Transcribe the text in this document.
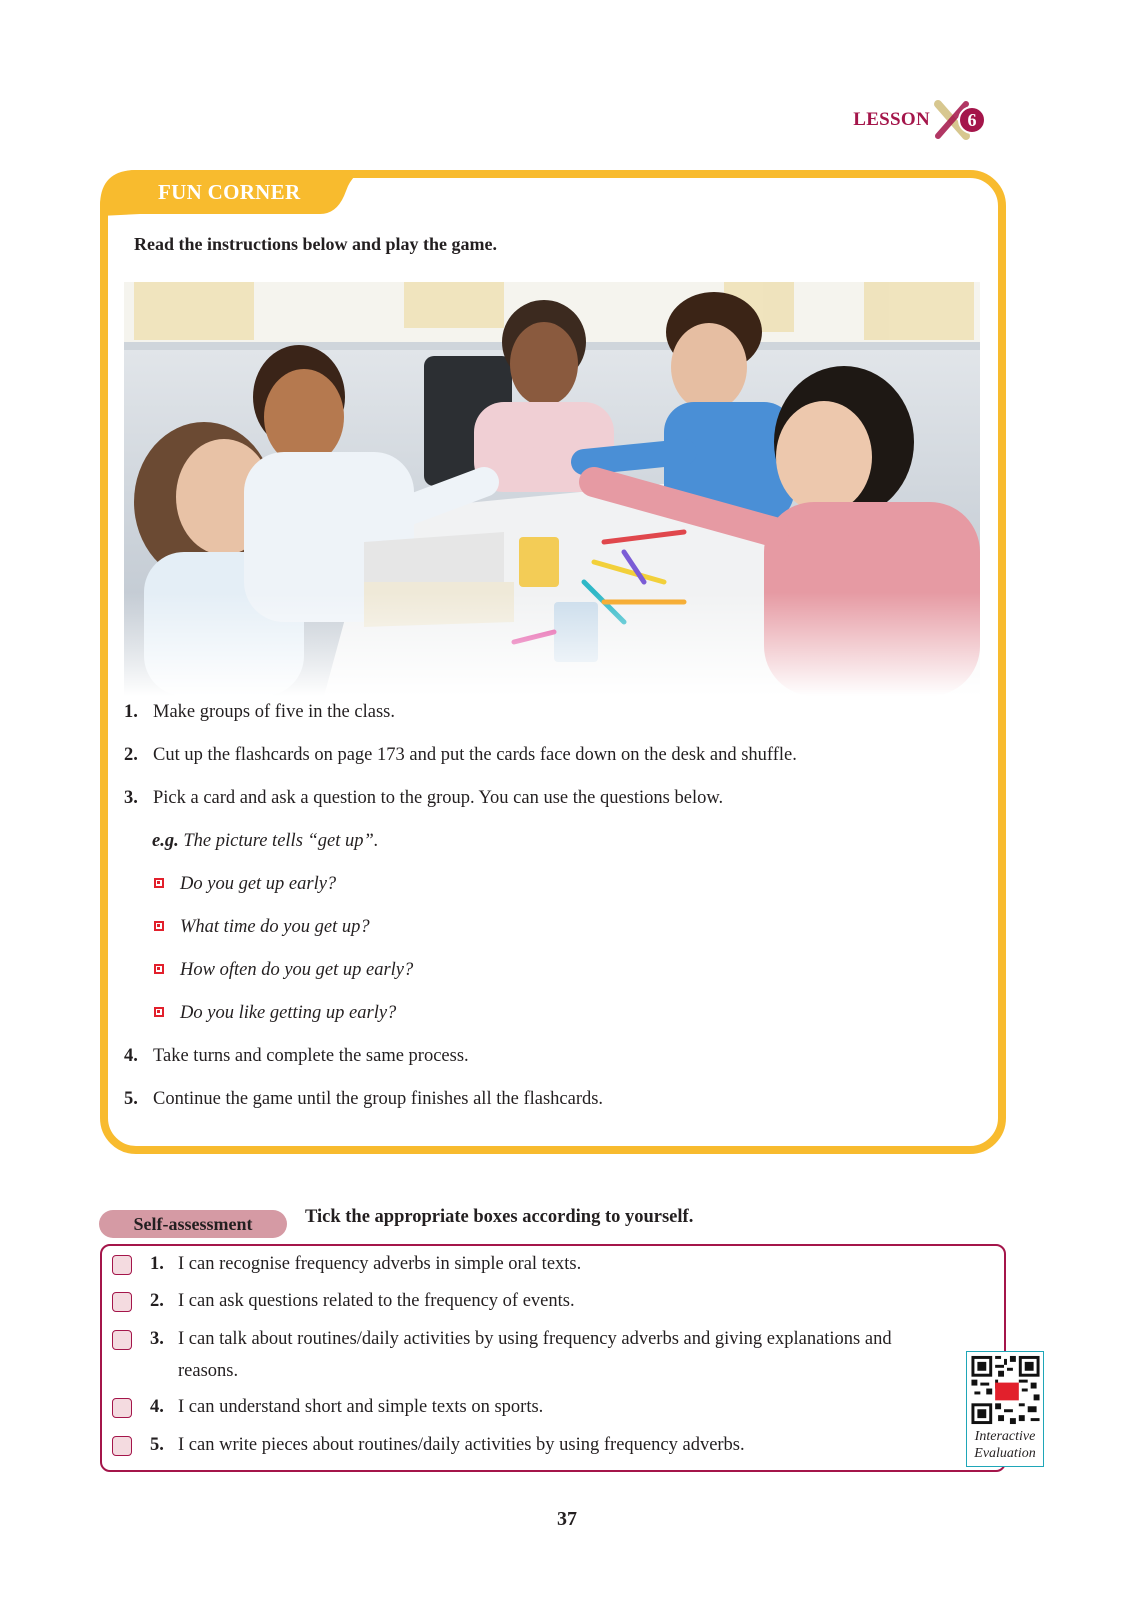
LESSON	6
FUN CORNER
Read the instructions below and play the game.
1. Make groups of five in the class.
2. Cut up the flashcards on page 173 and put the cards face down on the desk and shuffle.
3. Pick a card and ask a question to the group. You can use the questions below.
e.g. The picture tells “get up”.
Do you get up early?
What time do you get up?
How often do you get up early?
Do you like getting up early?
4. Take turns and complete the same process.
5. Continue the game until the group finishes all the flashcards.
Self-assessment	Tick the appropriate boxes according to yourself.
1. I can recognise frequency adverbs in simple oral texts.
2. I can ask questions related to the frequency of events.
3. I can talk about routines/daily activities by using frequency adverbs and giving explanations and
reasons.
4. I can understand short and simple texts on sports.
5. I can write pieces about routines/daily activities by using frequency adverbs.	Interactive
Evaluation
37
